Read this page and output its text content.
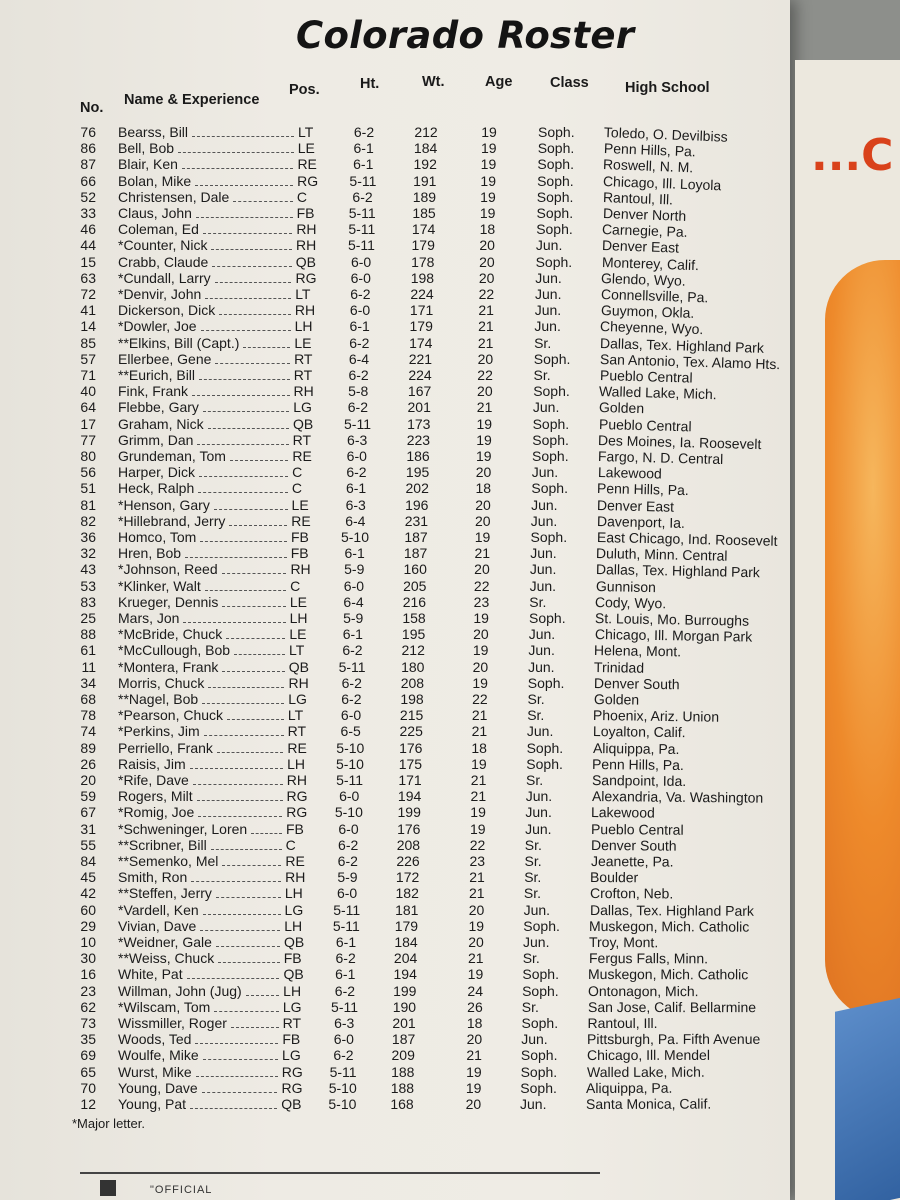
Colorado Roster
No. Name & Experience
Pos.	Ht.	Wt.	Age	Class	High School
76 Bearss, Bill	LT	6-2	212	19	Soph. Toledo, O. Devilbiss
86 Bell, Bob	LE	6-1	184	19	Soph. Penn Hills, Pa.
87 Blair, Ken	RE	6-1	192	19	Soph. Roswell, N. M.
66 Bolan, Mike	RG	5-11	191	19	Soph. Chicago, Ill. Loyola
52 Christensen, Dale	C	6-2	189	19	Soph. Rantoul, Ill.
33 Claus, John	FB	5-11	185	19	Soph. Denver North
46 Coleman, Ed	RH	5-11	174	18	Soph. Carnegie, Pa.
44 *Counter, Nick	RH	5-11	179	20	Jun.	Denver East
15 Crabb, Claude	QB	6-0	178	20	Soph. Monterey, Calif.
63 *Cundall, Larry	RG	6-0	198	20	Jun.	Glendo, Wyo.
72 *Denvir, John	LT	6-2	224	22	Jun.	Connellsville, Pa.
41 Dickerson, Dick	RH	6-0	171	21	Jun.	Guymon, Okla.
14 *Dowler, Joe	LH	6-1	179	21	Jun.	Cheyenne, Wyo.
85 **Elkins, Bill (Capt.)	LE	6-2	174	21	Sr.	Dallas, Tex. Highland Park
57 Ellerbee, Gene	RT	6-4	221	20	Soph. San Antonio, Tex. Alamo Hts.
71 **Eurich, Bill	RT	6-2	224	22	Sr.	Pueblo Central
40 Fink, Frank	RH	5-8	167	20	Soph. Walled Lake, Mich.
64 Flebbe, Gary	LG	6-2	201	21	Jun.	Golden
17 Graham, Nick	QB	5-11	173	19	Soph. Pueblo Central
77 Grimm, Dan	RT	6-3	223	19	Soph. Des Moines, Ia. Roosevelt
80 Grundeman, Tom	RE	6-0	186	19	Soph. Fargo, N. D. Central
56 Harper, Dick	C	6-2	195	20	Jun.	Lakewood
51 Heck, Ralph	C	6-1	202	18	Soph. Penn Hills, Pa.
81 *Henson, Gary	LE	6-3	196	20	Jun.	Denver East
82 *Hillebrand, Jerry	RE	6-4	231	20	Jun.	Davenport, Ia.
36 Homco, Tom	FB	5-10	187	19	Soph. East Chicago, Ind. Roosevelt
32 Hren, Bob	FB	6-1	187	21	Jun.	Duluth, Minn. Central
43 *Johnson, Reed	RH	5-9	160	20	Jun.	Dallas, Tex. Highland Park
53 *Klinker, Walt	C	6-0	205	22	Jun.	Gunnison
83 Krueger, Dennis	LE	6-4	216	23	Sr.	Cody, Wyo.
25 Mars, Jon	LH	5-9	158	19	Soph. St. Louis, Mo. Burroughs
88 *McBride, Chuck	LE	6-1	195	20	Jun.	Chicago, Ill. Morgan Park
61 *McCullough, Bob	LT	6-2	212	19	Jun.	Helena, Mont.
11 *Montera, Frank	QB	5-11	180	20	Jun.	Trinidad
34 Morris, Chuck	RH	6-2	208	19	Soph. Denver South
68 **Nagel, Bob	LG	6-2	198	22	Sr.	Golden
78 *Pearson, Chuck	LT	6-0	215	21	Sr.	Phoenix, Ariz. Union
74 *Perkins, Jim	RT	6-5	225	21	Jun.	Loyalton, Calif.
89 Perriello, Frank	RE	5-10	176	18	Soph. Aliquippa, Pa.
26 Raisis, Jim	LH	5-10	175	19	Soph. Penn Hills, Pa.
20 *Rife, Dave	RH	5-11	171	21	Sr.	Sandpoint, Ida.
59 Rogers, Milt	RG	6-0	194	21	Jun.	Alexandria, Va. Washington
67 *Romig, Joe	RG	5-10	199	19	Jun.	Lakewood
31 *Schweninger, Loren	FB	6-0	176	19	Jun.	Pueblo Central
55 **Scribner, Bill	C	6-2	208	22	Sr.	Denver South
84 **Semenko, Mel	RE	6-2	226	23	Sr.	Jeanette, Pa.
45 Smith, Ron	RH	5-9	172	21	Sr.	Boulder
42 **Steffen, Jerry	LH	6-0	182	21	Sr.	Crofton, Neb.
60 *Vardell, Ken	LG	5-11	181	20	Jun.	Dallas, Tex. Highland Park
29 Vivian, Dave	LH	5-11	179	19	Soph. Muskegon, Mich. Catholic
10 *Weidner, Gale	QB	6-1	184	20	Jun.	Troy, Mont.
30 **Weiss, Chuck	FB	6-2	204	21	Sr.	Fergus Falls, Minn.
16 White, Pat	QB	6-1	194	19	Soph. Muskegon, Mich. Catholic
23 Willman, John (Jug)	LH	6-2	199	24	Soph. Ontonagon, Mich.
62 *Wilscam, Tom	LG	5-11	190	26	Sr.	San Jose, Calif. Bellarmine
73 Wissmiller, Roger	RT	6-3	201	18	Soph. Rantoul, Ill.
35 Woods, Ted	FB	6-0	187	20	Jun.	Pittsburgh, Pa. Fifth Avenue
69 Woulfe, Mike	LG	6-2	209	21	Soph. Chicago, Ill. Mendel
65 Wurst, Mike	RG	5-11	188	19	Soph. Walled Lake, Mich.
70 Young, Dave	RG	5-10	188	19	Soph. Aliquippa, Pa.
12 Young, Pat	QB	5-10	168	20	Jun.	Santa Monica, Calif.
*Major letter.
"OFFICIAL
...C
